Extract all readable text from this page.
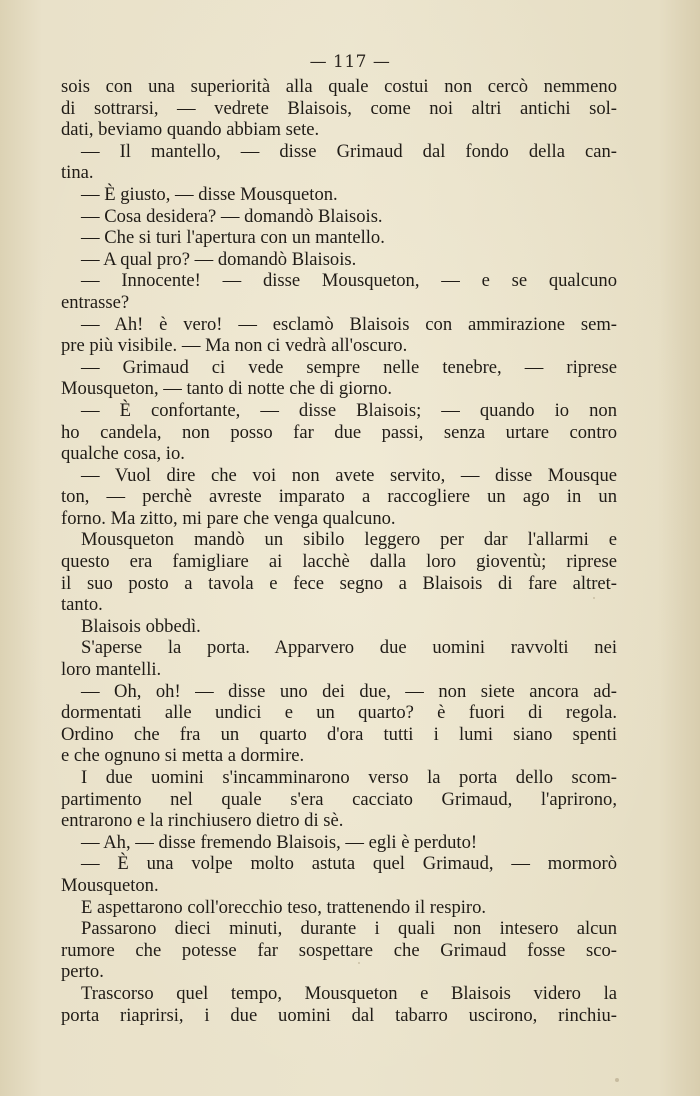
— 117 —
sois con una superiorità alla quale costui non cercò nemmeno
di sottrarsi, — vedrete Blaisois, come noi altri antichi sol-
dati, beviamo quando abbiam sete.
— Il mantello, — disse Grimaud dal fondo della can-
tina.
— È giusto, — disse Mousqueton.
— Cosa desidera? — domandò Blaisois.
— Che si turi l'apertura con un mantello.
— A qual pro? — domandò Blaisois.
— Innocente! — disse Mousqueton, — e se qualcuno
entrasse?
— Ah! è vero! — esclamò Blaisois con ammirazione sem-
pre più visibile. — Ma non ci vedrà all'oscuro.
— Grimaud ci vede sempre nelle tenebre, — riprese
Mousqueton, — tanto di notte che di giorno.
— È confortante, — disse Blaisois; — quando io non
ho candela, non posso far due passi, senza urtare contro
qualche cosa, io.
— Vuol dire che voi non avete servito, — disse Mousque
ton, — perchè avreste imparato a raccogliere un ago in un
forno. Ma zitto, mi pare che venga qualcuno.
Mousqueton mandò un sibilo leggero per dar l'allarmi e
questo era famigliare ai lacchè dalla loro gioventù; riprese
il suo posto a tavola e fece segno a Blaisois di fare altret-
tanto.
Blaisois obbedì.
S'aperse la porta. Apparvero due uomini ravvolti nei
loro mantelli.
— Oh, oh! — disse uno dei due, — non siete ancora ad-
dormentati alle undici e un quarto? è fuori di regola.
Ordino che fra un quarto d'ora tutti i lumi siano spenti
e che ognuno si metta a dormire.
I due uomini s'incamminarono verso la porta dello scom-
partimento nel quale s'era cacciato Grimaud, l'aprirono,
entrarono e la rinchiusero dietro di sè.
— Ah, — disse fremendo Blaisois, — egli è perduto!
— È una volpe molto astuta quel Grimaud, — mormorò
Mousqueton.
E aspettarono coll'orecchio teso, trattenendo il respiro.
Passarono dieci minuti, durante i quali non intesero alcun
rumore che potesse far sospettare che Grimaud fosse sco-
perto.
Trascorso quel tempo, Mousqueton e Blaisois videro la
porta riaprirsi, i due uomini dal tabarro uscirono, rinchiu-
